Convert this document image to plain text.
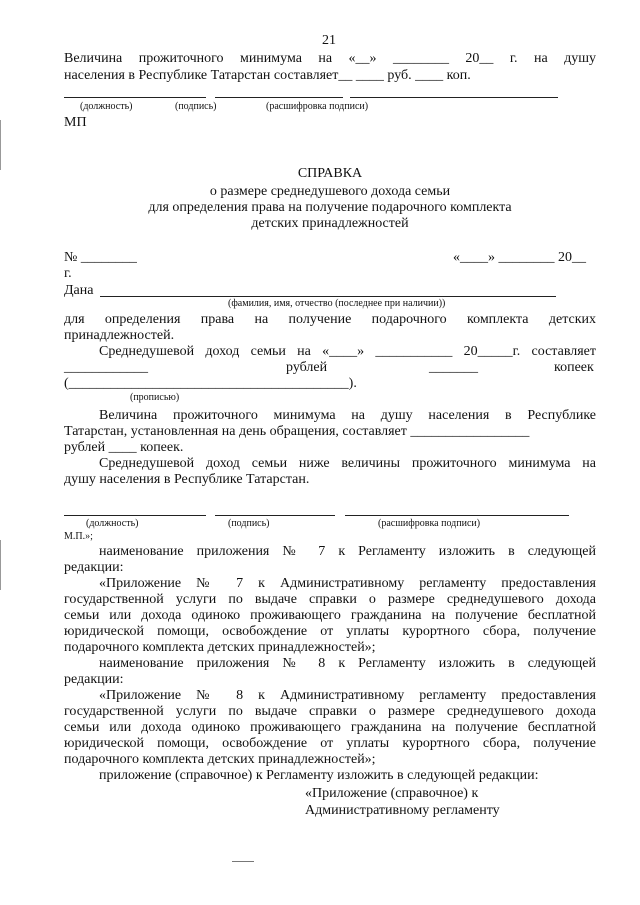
21
Величина прожиточного минимума на «__» ________ 20__ г. на душу
населения в Республике Татарстан составляет__ ____ руб. ____ коп.
(должность)	(подпись)	(расшифровка подписи)
МП
СПРАВКА
о размере среднедушевого дохода семьи
для определения права на получение подарочного комплекта
детских принадлежностей
№ ________	«____» ________ 20__
г.
Дана
(фамилия, имя, отчество (последнее при наличии))
для определения права на получение подарочного комплекта детских
принадлежностей.
Среднедушевой доход семьи на «____» ___________ 20_____г. составляет
____________	рублей	_______	копеек
(________________________________________).
(прописью)
Величина прожиточного минимума на душу населения в Республике
Татарстан, установленная на день обращения, составляет _________________
рублей ____ копеек.
Среднедушевой доход семьи ниже величины прожиточного минимума на
душу населения в Республике Татарстан.
(должность)	(подпись)	(расшифровка подписи)
М.П.»;
наименование приложения № 7 к Регламенту изложить в следующей
редакции:
«Приложение № 7 к Административному регламенту предоставления
государственной услуги по выдаче справки о размере среднедушевого дохода
семьи или дохода одиноко проживающего гражданина на получение бесплатной
юридической помощи, освобождение от уплаты курортного сбора, получение
подарочного комплекта детских принадлежностей»;
наименование приложения № 8 к Регламенту изложить в следующей
редакции:
«Приложение № 8 к Административному регламенту предоставления
государственной услуги по выдаче справки о размере среднедушевого дохода
семьи или дохода одиноко проживающего гражданина на получение бесплатной
юридической помощи, освобождение от уплаты курортного сбора, получение
подарочного комплекта детских принадлежностей»;
приложение (справочное) к Регламенту изложить в следующей редакции:
«Приложение (справочное) к
Административному регламенту
